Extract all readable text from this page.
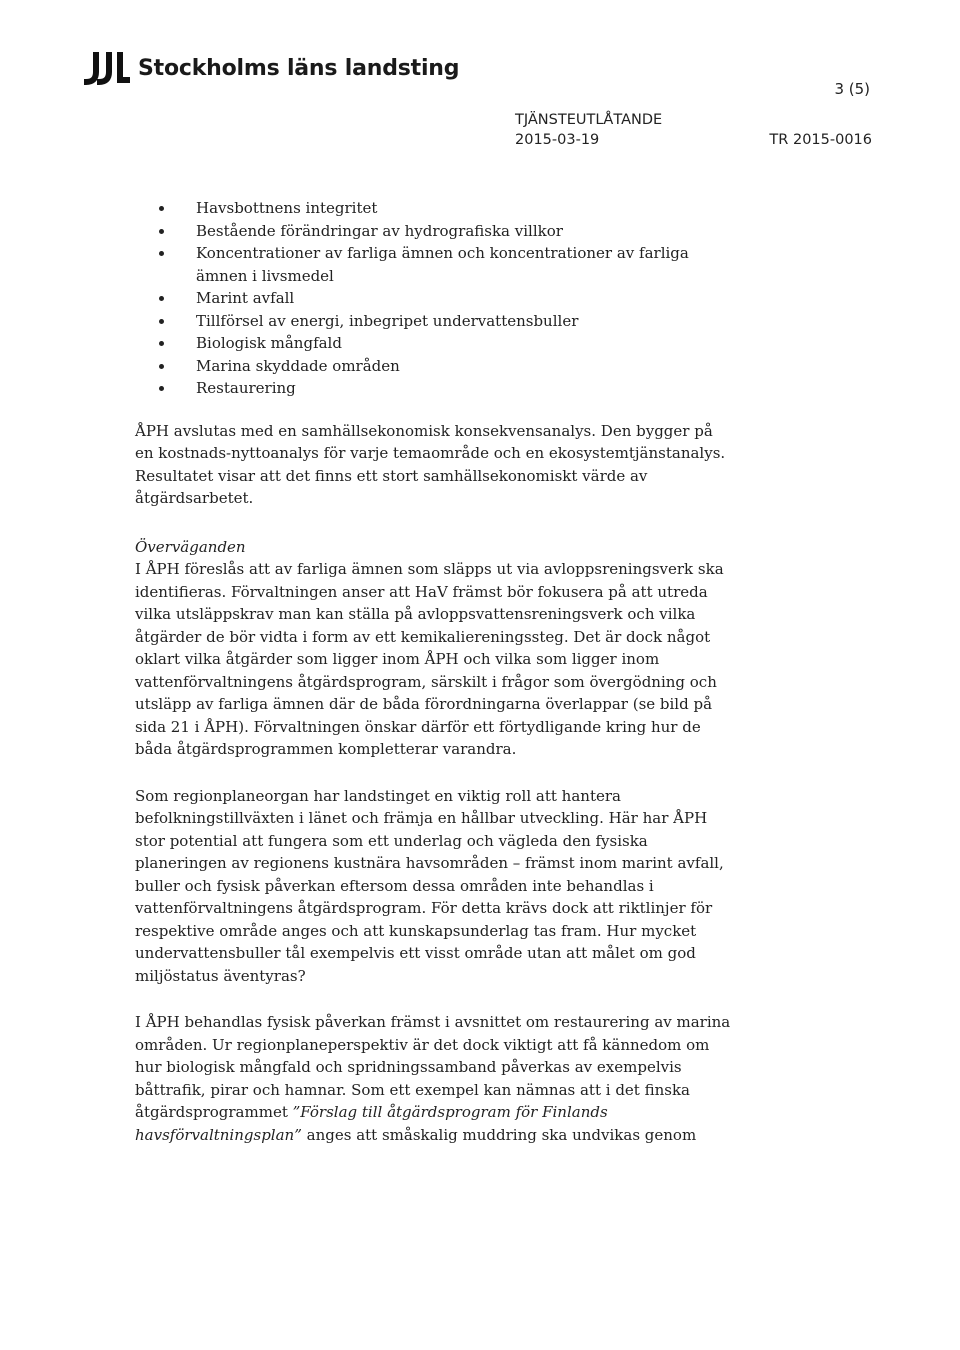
Stockholms läns landsting
3 (5)
TJÄNSTEUTLÅTANDE
2015-03-19	TR 2015-0016
Havsbottnens integritet
Bestående förändringar av hydrografiska villkor
Koncentrationer av farliga ämnen och koncentrationer av farliga ämnen i livsmedel
Marint avfall
Tillförsel av energi, inbegripet undervattensbuller
Biologisk mångfald
Marina skyddade områden
Restaurering

ÅPH avslutas med en samhällsekonomisk konsekvensanalys. Den bygger på en kostnads-nyttoanalys för varje temaområde och en ekosystemtjänstanalys. Resultatet visar att det finns ett stort samhällsekonomiskt värde av åtgärdsarbetet.

Överväganden

I ÅPH föreslås att av farliga ämnen som släpps ut via avloppsreningsverk ska identifieras. Förvaltningen anser att HaV främst bör fokusera på att utreda vilka utsläppskrav man kan ställa på avloppsvattensreningsverk och vilka åtgärder de bör vidta i form av ett kemikaliereningssteg. Det är dock något oklart vilka åtgärder som ligger inom ÅPH och vilka som ligger inom vattenförvaltningens åtgärdsprogram, särskilt i frågor som övergödning och utsläpp av farliga ämnen där de båda förordningarna överlappar (se bild på sida 21 i ÅPH). Förvaltningen önskar därför ett förtydligande kring hur de båda åtgärdsprogrammen kompletterar varandra.

Som regionplaneorgan har landstinget en viktig roll att hantera befolkningstillväxten i länet och främja en hållbar utveckling. Här har ÅPH stor potential att fungera som ett underlag och vägleda den fysiska planeringen av regionens kustnära havsområden – främst inom marint avfall, buller och fysisk påverkan eftersom dessa områden inte behandlas i vattenförvaltningens åtgärdsprogram. För detta krävs dock att riktlinjer för respektive område anges och att kunskapsunderlag tas fram. Hur mycket undervattensbuller tål exempelvis ett visst område utan att målet om god miljöstatus äventyras?

I ÅPH behandlas fysisk påverkan främst i avsnittet om restaurering av marina områden. Ur regionplaneperspektiv är det dock viktigt att få kännedom om hur biologisk mångfald och spridningssamband påverkas av exempelvis båttrafik, pirar och hamnar. Som ett exempel kan nämnas att i det finska åtgärdsprogrammet ”Förslag till åtgärdsprogram för Finlands havsförvaltningsplan” anges att småskalig muddring ska undvikas genom
